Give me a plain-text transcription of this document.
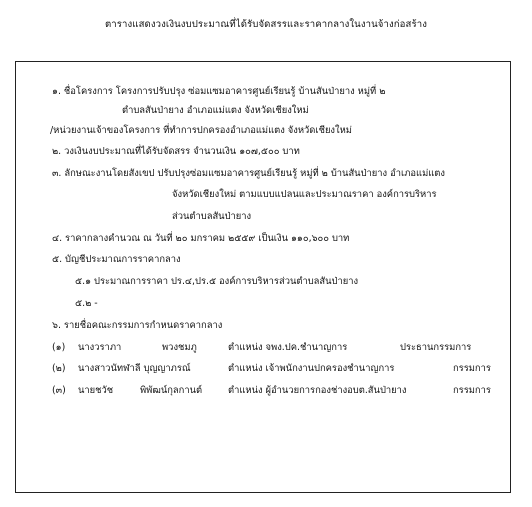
ตารางแสดงวงเงินงบประมาณที่ได้รับจัดสรรและราคากลางในงานจ้างก่อสร้าง
๑. ชื่อโครงการ โครงการปรับปรุง ซ่อมแซมอาคารศูนย์เรียนรู้ บ้านสันป่ายาง หมู่ที่ ๒
ตำบลสันป่ายาง อำเภอแม่แตง จังหวัดเชียงใหม่
/หน่วยงานเจ้าของโครงการ ที่ทำการปกครองอำเภอแม่แตง จังหวัดเชียงใหม่
๒. วงเงินงบประมาณที่ได้รับจัดสรร จำนวนเงิน ๑๐๗,๕๐๐ บาท
๓. ลักษณะงานโดยสังเขป ปรับปรุงซ่อมแซมอาคารศูนย์เรียนรู้ หมู่ที่ ๒ บ้านสันป่ายาง อำเภอแม่แตง
จังหวัดเชียงใหม่ ตามแบบแปลนและประมาณราคา องค์การบริหาร
ส่วนตำบลสันป่ายาง
๔. ราคากลางคำนวณ ณ วันที่ ๒๐ มกราคม ๒๕๕๙ เป็นเงิน ๑๑๐,๖๐๐ บาท
๕. บัญชีประมาณการราคากลาง
๕.๑ ประมาณการราคา ปร.๔,ปร.๕ องค์การบริหารส่วนตำบลสันป่ายาง
๕.๒ -
๖. รายชื่อคณะกรรมการกำหนดราคากลาง
(๑) นางวราภา	พวงชมภู	ตำแหน่ง จพง.ปค.ชำนาญการ	ประธานกรรมการ
(๒) นางสาวนัทฬาลี บุญญาภรณ์	ตำแหน่ง เจ้าพนักงานปกครองชำนาญการ	กรรมการ
(๓) นายชวัช	พิพัฒน์กุลกานต์	ตำแหน่ง ผู้อำนวยการกองช่างอบต.สันป่ายาง	กรรมการ
